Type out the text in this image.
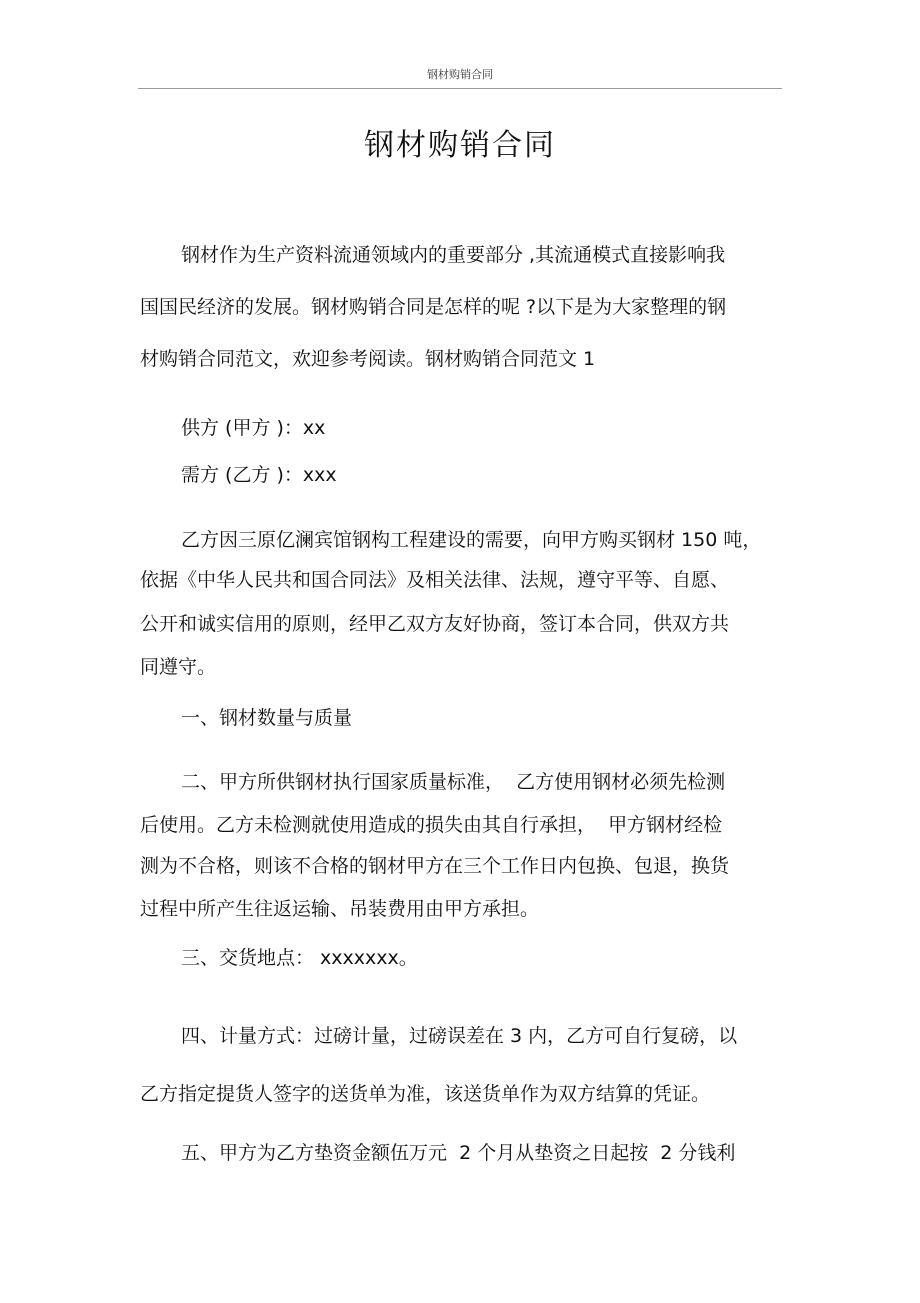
钢材购销合同
钢材购销合同
钢材作为生产资料流通领域内的重要部分 ,其流通模式直接影响我
国国民经济的发展。钢材购销合同是怎样的呢 ?以下是为大家整理的钢
材购销合同范文，欢迎参考阅读。钢材购销合同范文 1
供方 (甲方 )：xx
需方 (乙方 )：xxx
乙方因三原亿澜宾馆钢构工程建设的需要，向甲方购买钢材 150 吨，
依据《中华人民共和国合同法》及相关法律、法规，遵守平等、自愿、
公开和诚实信用的原则，经甲乙双方友好协商，签订本合同，供双方共
同遵守。
一、钢材数量与质量
二、甲方所供钢材执行国家质量标准，  乙方使用钢材必须先检测
后使用。乙方未检测就使用造成的损失由其自行承担，  甲方钢材经检
测为不合格，则该不合格的钢材甲方在三个工作日内包换、包退，换货
过程中所产生往返运输、吊装费用由甲方承担。
三、交货地点： xxxxxxx。
四、计量方式：过磅计量，过磅误差在 3 内，乙方可自行复磅，以
乙方指定提货人签字的送货单为准，该送货单作为双方结算的凭证。
五、甲方为乙方垫资金额伍万元  2 个月从垫资之日起按  2 分钱利
